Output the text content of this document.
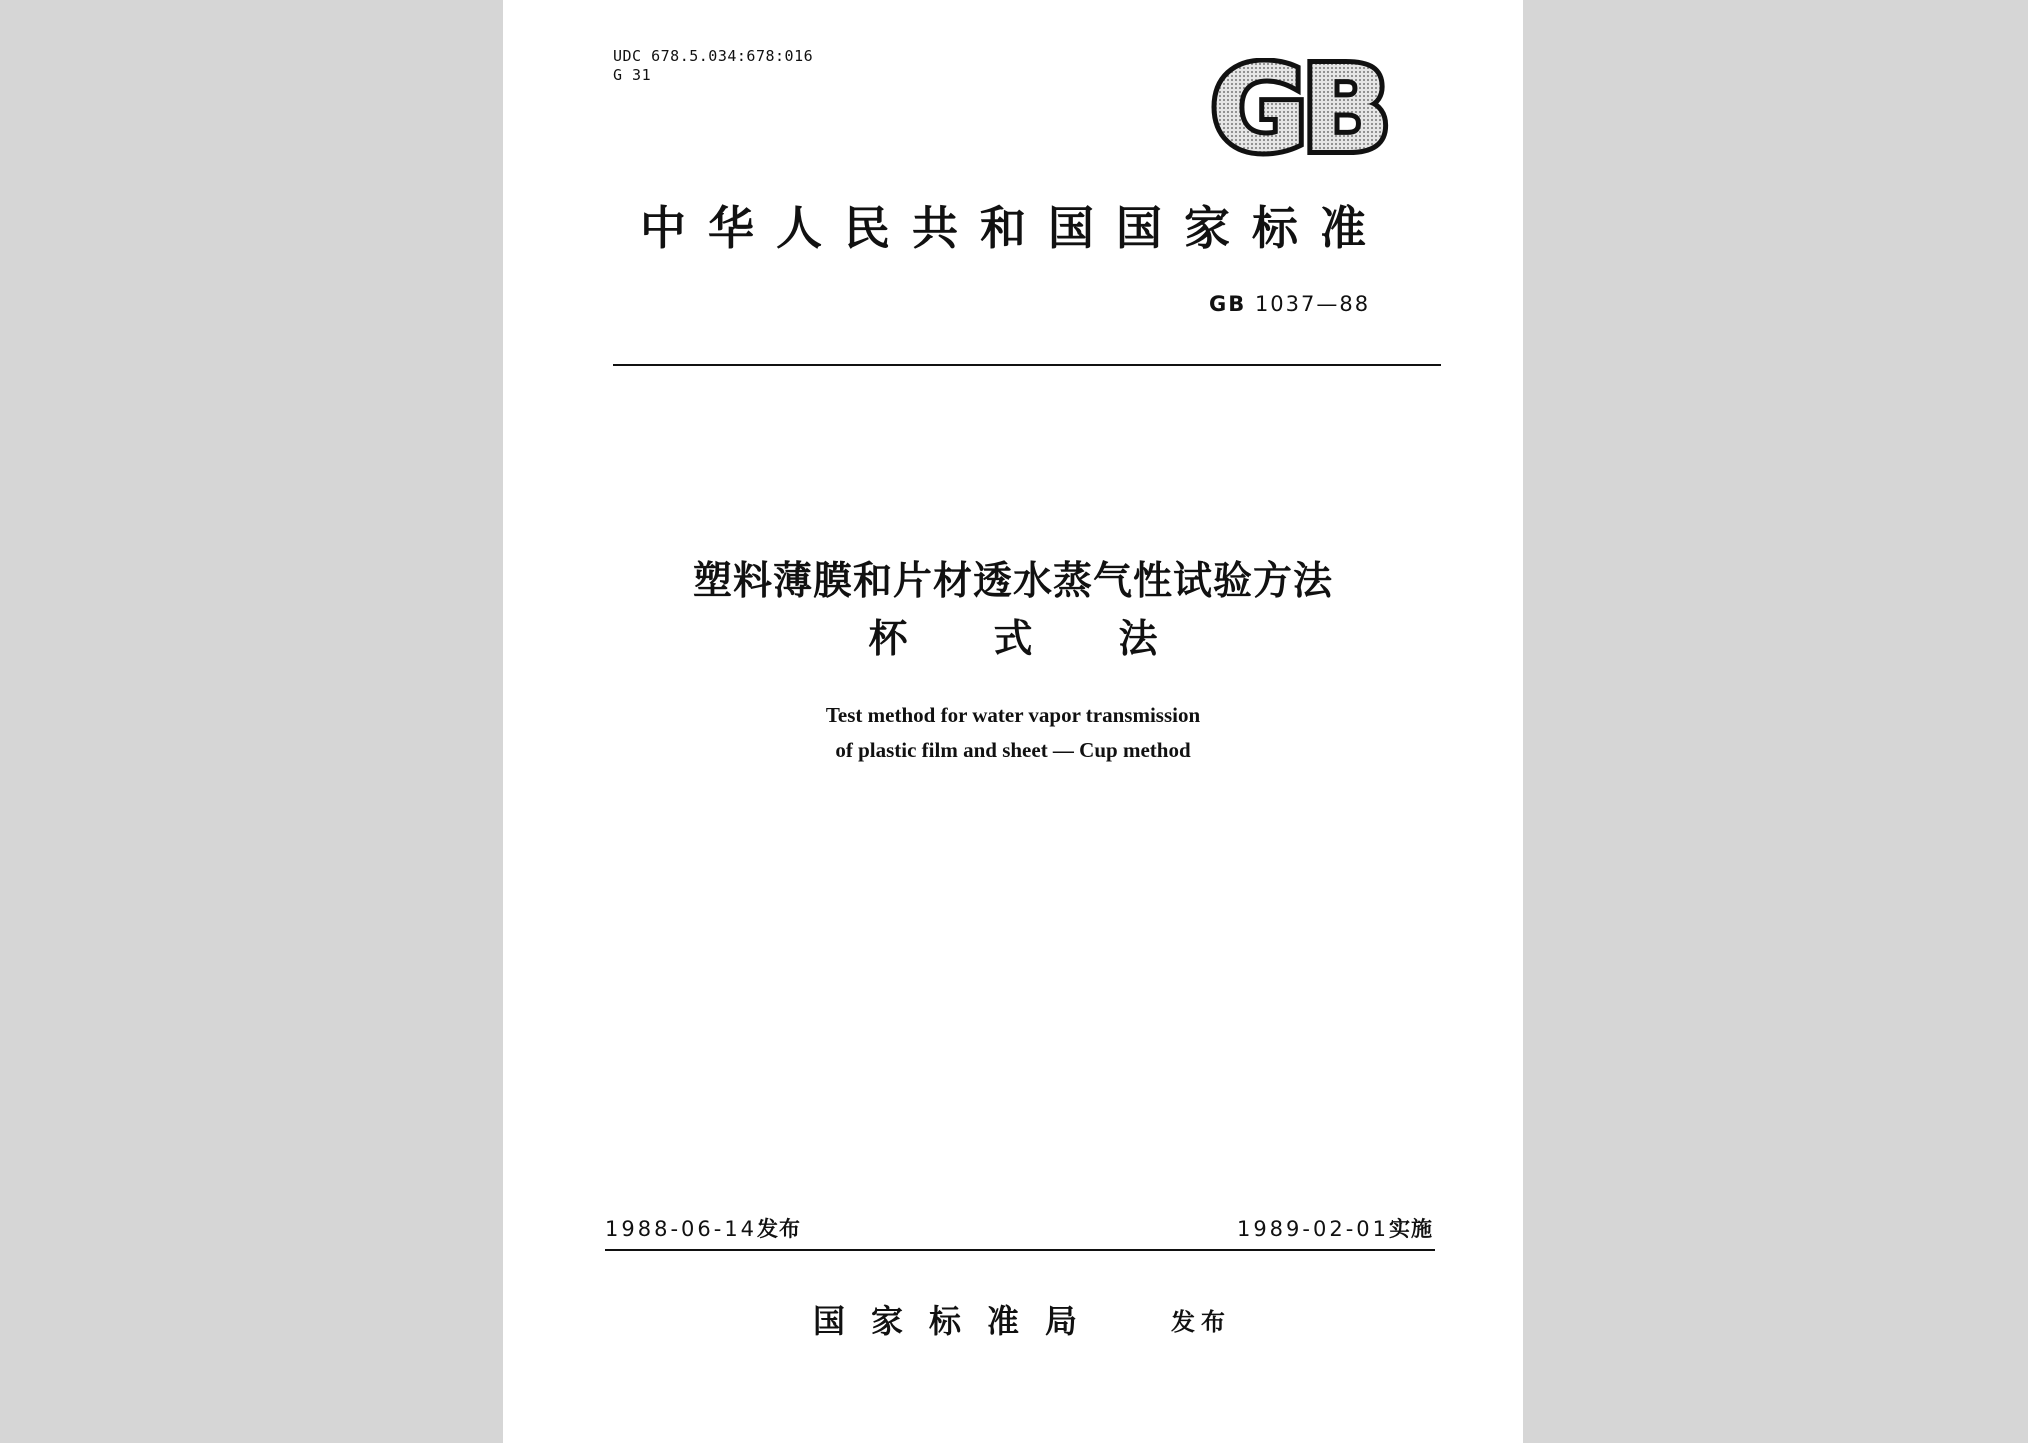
UDC 678.5.034:678:016
G 31	GB
中华人民共和国国家标准
GB 1037—88
塑料薄膜和片材透水蒸气性试验方法
杯式法
Test method for water vapor transmission
of plastic film and sheet — Cup method
1988-06-14发布	1989-02-01实施
国家标准局	发布
